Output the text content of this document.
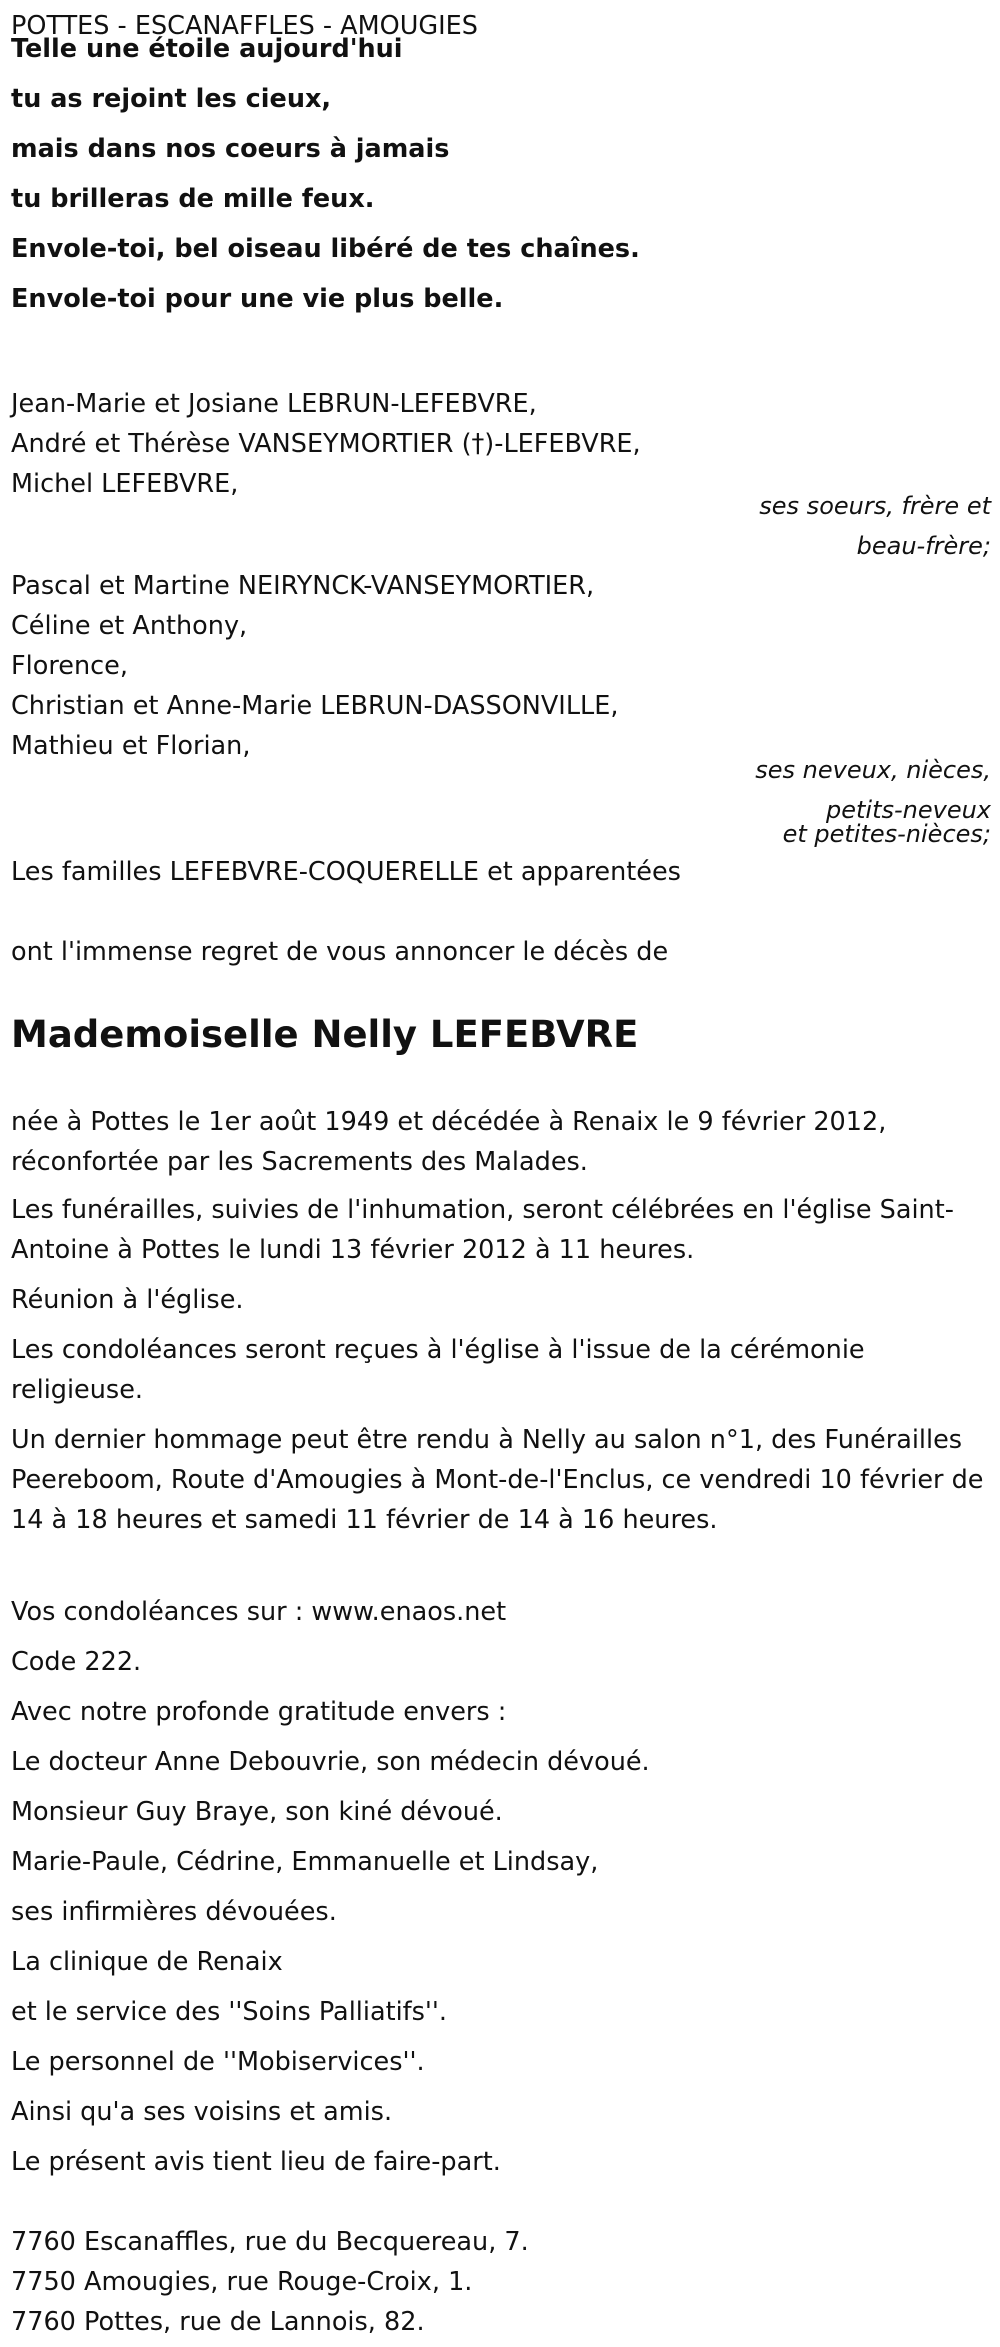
POTTES - ESCANAFFLES - AMOUGIES
Telle une étoile aujourd'hui
tu as rejoint les cieux,
mais dans nos coeurs à jamais
tu brilleras de mille feux.
Envole-toi, bel oiseau libéré de tes chaînes.
Envole-toi pour une vie plus belle.
Jean-Marie et Josiane LEBRUN-LEFEBVRE,
André et Thérèse VANSEYMORTIER (†)-LEFEBVRE,
Michel LEFEBVRE,
ses soeurs, frère et
beau-frère;
Pascal et Martine NEIRYNCK-VANSEYMORTIER,
Céline et Anthony,
Florence,
Christian et Anne-Marie LEBRUN-DASSONVILLE,
Mathieu et Florian,
ses neveux, nièces,
petits-neveux
et petites-nièces;
Les familles LEFEBVRE-COQUERELLE et apparentées
ont l'immense regret de vous annoncer le décès de
Mademoiselle Nelly LEFEBVRE
née à Pottes le 1er août 1949 et décédée à Renaix le 9 février 2012, réconfortée par les Sacrements des Malades.
Les funérailles, suivies de l'inhumation, seront célébrées en l'église Saint-Antoine à Pottes le lundi 13 février 2012 à 11 heures.
Réunion à l'église.
Les condoléances seront reçues à l'église à l'issue de la cérémonie religieuse.
Un dernier hommage peut être rendu à Nelly au salon n°1, des Funérailles Peereboom, Route d'Amougies à Mont-de-l'Enclus, ce vendredi 10 février de 14 à 18 heures et samedi 11 février de 14 à 16 heures.
Vos condoléances sur : www.enaos.net
Code 222.
Avec notre profonde gratitude envers :
Le docteur Anne Debouvrie, son médecin dévoué.
Monsieur Guy Braye, son kiné dévoué.
Marie-Paule, Cédrine, Emmanuelle et Lindsay,
ses infirmières dévouées.
La clinique de Renaix
et le service des ''Soins Palliatifs''.
Le personnel de ''Mobiservices''.
Ainsi qu'a ses voisins et amis.
Le présent avis tient lieu de faire-part.
7760 Escanaffles, rue du Becquereau, 7.
7750 Amougies, rue Rouge-Croix, 1.
7760 Pottes, rue de Lannois, 82.
